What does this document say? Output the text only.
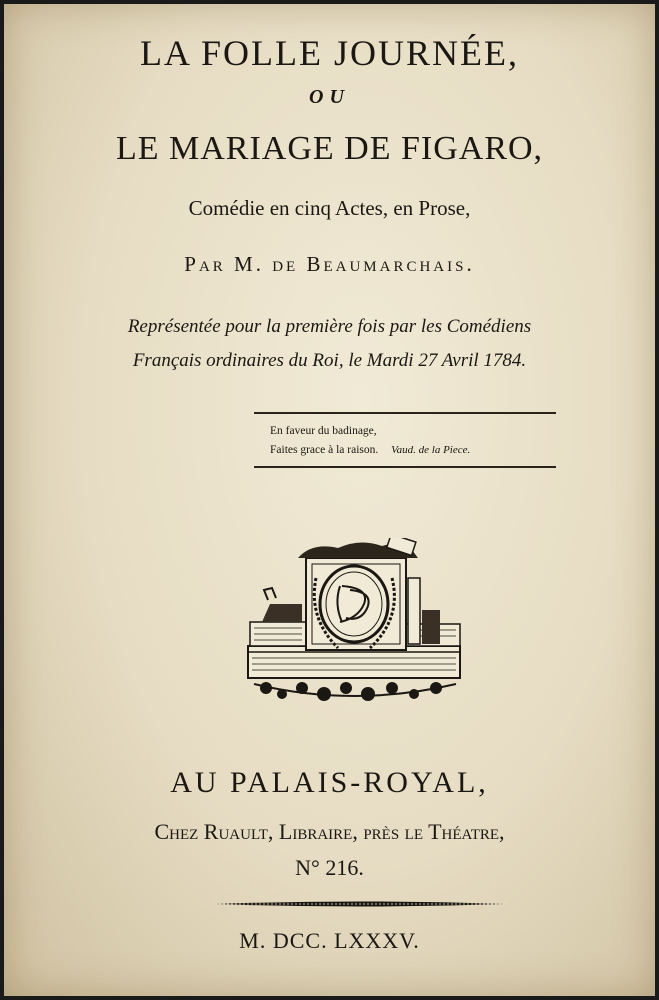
LA FOLLE JOURNÉE,
OU
LE MARIAGE DE FIGARO,
Comédie en cinq Actes, en Prose,
Par M. de Beaumarchais.
Représentée pour la première fois par les Comédiens
Français ordinaires du Roi, le Mardi 27 Avril 1784.
En faveur du badinage,
Faites grace à la raison. Vaud. de la Piece.
AU PALAIS-ROYAL,
Chez Ruault, Libraire, près le Théatre,
N° 216.
M. DCC. LXXXV.
